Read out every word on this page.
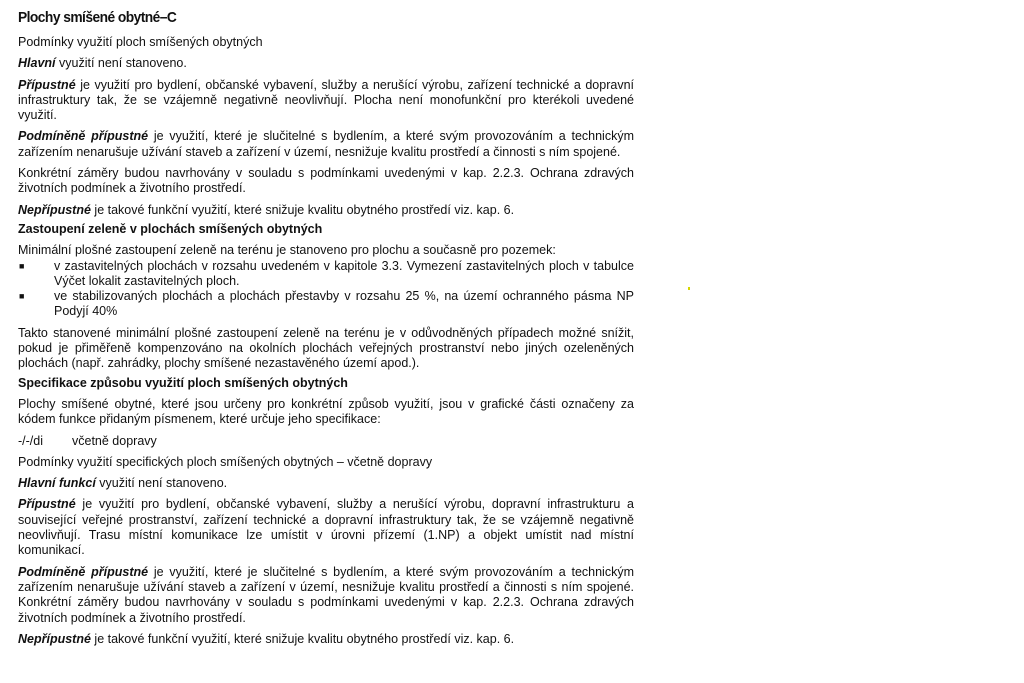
Plochy smíšené obytné–C

Podmínky využití ploch smíšených obytných

Hlavní využití není stanoveno.

Přípustné je využití pro bydlení, občanské vybavení, služby a nerušící výrobu, zařízení technické a dopravní infrastruktury tak, že se vzájemně negativně neovlivňují. Plocha není monofunkční pro kterékoli uvedené využití.

Podmíněně přípustné je využití, které je slučitelné s bydlením, a které svým provozováním a technickým zařízením nenarušuje užívání staveb a zařízení v území, nesnižuje kvalitu prostředí a činnosti s ním spojené.

Konkrétní záměry budou navrhovány v souladu s podmínkami uvedenými v kap. 2.2.3. Ochrana zdravých životních podmínek a životního prostředí.

Nepřípustné je takové funkční využití, které snižuje kvalitu obytného prostředí viz. kap. 6.

Zastoupení zeleně v plochách smíšených obytných

Minimální plošné zastoupení zeleně na terénu je stanoveno pro plochu a současně pro pozemek:

■ v zastavitelných plochách v rozsahu uvedeném v kapitole 3.3. Vymezení zastavitelných ploch v tabulce Výčet lokalit zastavitelných ploch.
■ ve stabilizovaných plochách a plochách přestavby v rozsahu 25 %, na území ochranného pásma NP Podyjí 40%

Takto stanovené minimální plošné zastoupení zeleně na terénu je v odůvodněných případech možné snížit, pokud je přiměřeně kompenzováno na okolních plochách veřejných prostranství nebo jiných ozeleněných plochách (např. zahrádky, plochy smíšené nezastavěného území apod.).

Specifikace způsobu využití ploch smíšených obytných

Plochy smíšené obytné, které jsou určeny pro konkrétní způsob využití, jsou v grafické části označeny za kódem funkce přidaným písmenem, které určuje jeho specifikace:

-/-/di	včetně dopravy

Podmínky využití specifických ploch smíšených obytných – včetně dopravy

Hlavní funkcí využití není stanoveno.

Přípustné je využití pro bydlení, občanské vybavení, služby a nerušící výrobu, dopravní infrastrukturu a související veřejné prostranství, zařízení technické a dopravní infrastruktury tak, že se vzájemně negativně neovlivňují. Trasu místní komunikace lze umístit v úrovni přízemí (1.NP) a objekt umístit nad místní komunikací.

Podmíněně přípustné je využití, které je slučitelné s bydlením, a které svým provozováním a technickým zařízením nenarušuje užívání staveb a zařízení v území, nesnižuje kvalitu prostředí a činnosti s ním spojené. Konkrétní záměry budou navrhovány v souladu s podmínkami uvedenými v kap. 2.2.3. Ochrana zdravých životních podmínek a životního prostředí.

Nepřípustné je takové funkční využití, které snižuje kvalitu obytného prostředí viz. kap. 6.
